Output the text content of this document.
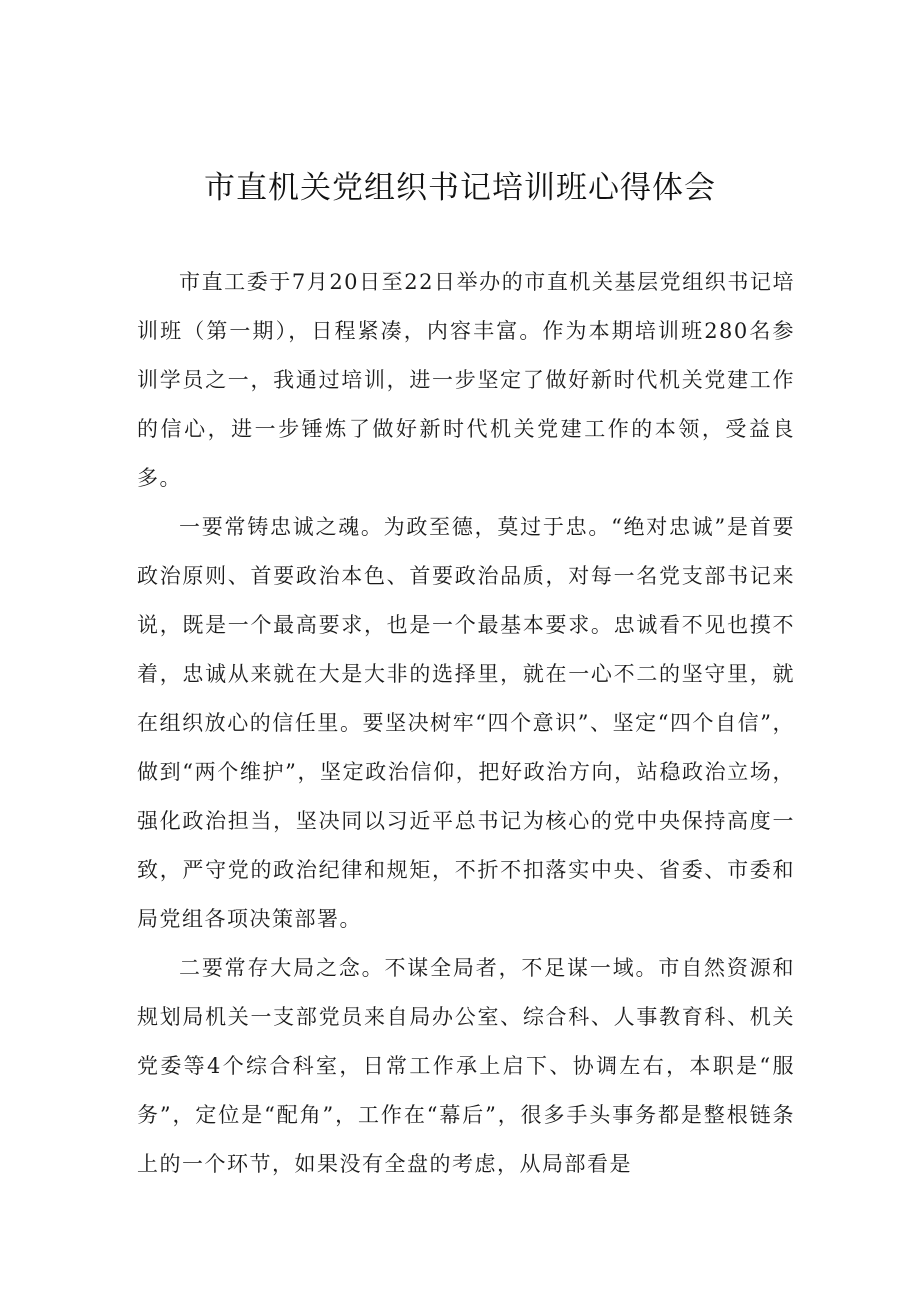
市直机关党组织书记培训班心得体会

市直工委于7月20日至22日举办的市直机关基层党组织书记培训班（第一期），日程紧凑，内容丰富。作为本期培训班280名参训学员之一，我通过培训，进一步坚定了做好新时代机关党建工作的信心，进一步锤炼了做好新时代机关党建工作的本领，受益良多。

一要常铸忠诚之魂。为政至德，莫过于忠。“绝对忠诚”是首要政治原则、首要政治本色、首要政治品质，对每一名党支部书记来说，既是一个最高要求，也是一个最基本要求。忠诚看不见也摸不着，忠诚从来就在大是大非的选择里，就在一心不二的坚守里，就在组织放心的信任里。要坚决树牢“四个意识”、坚定“四个自信”，做到“两个维护”，坚定政治信仰，把好政治方向，站稳政治立场，强化政治担当，坚决同以习近平总书记为核心的党中央保持高度一致，严守党的政治纪律和规矩，不折不扣落实中央、省委、市委和局党组各项决策部署。

二要常存大局之念。不谋全局者，不足谋一域。市自然资源和规划局机关一支部党员来自局办公室、综合科、人事教育科、机关党委等4个综合科室，日常工作承上启下、协调左右，本职是“服务”，定位是“配角”，工作在“幕后”，很多手头事务都是整根链条上的一个环节，如果没有全盘的考虑，从局部看是
